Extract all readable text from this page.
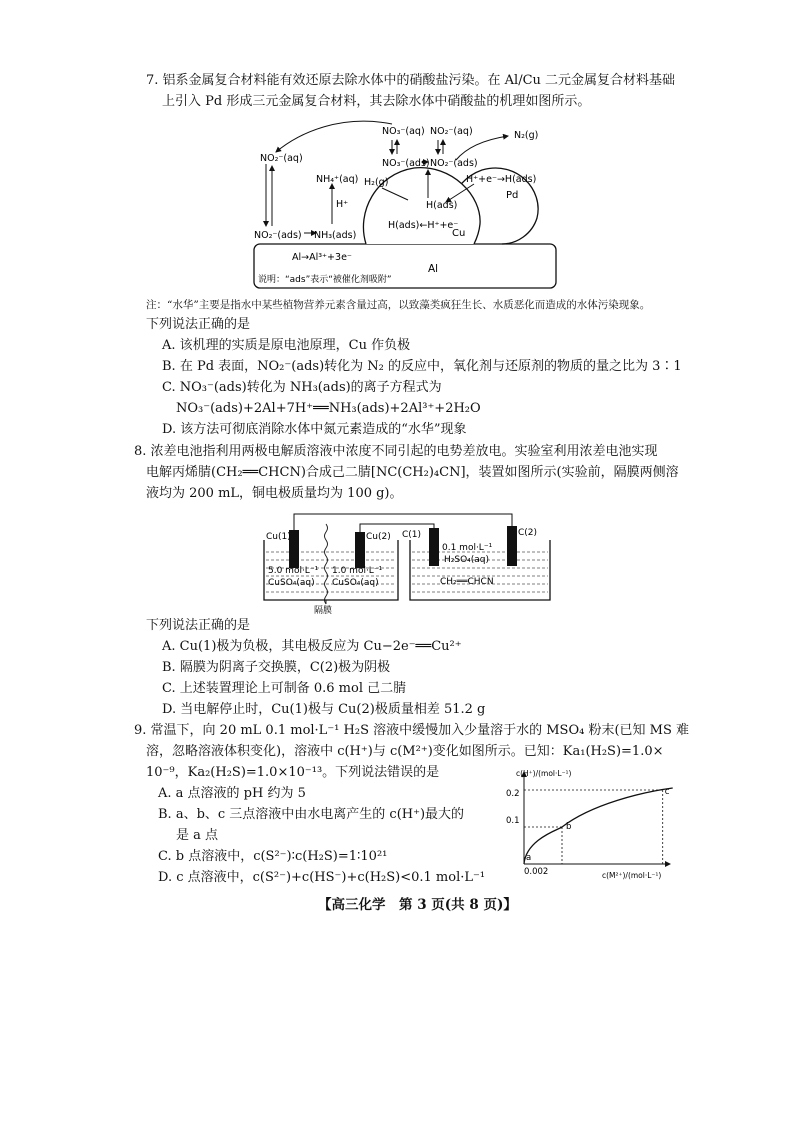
7. 铝系金属复合材料能有效还原去除水体中的硝酸盐污染。在 Al/Cu 二元金属复合材料基础
上引入 Pd 形成三元金属复合材料，其去除水体中硝酸盐的机理如图所示。
NO₂⁻(aq)
NO₃⁻(aq) NO₂⁻(aq)
NO₃⁻(ads) NO₂⁻(ads)
N₂(g)
NH₄⁺(aq) H₂(g)
H⁺
H⁺+e⁻→H(ads)
Pd
H(ads)
H(ads)←H⁺+e⁻
Cu
NO₂⁻(ads) NH₃(ads)
Al→Al³⁺+3e⁻
Al
说明：“ads”表示“被催化剂吸附”
注：“水华”主要是指水中某些植物营养元素含量过高，以致藻类疯狂生长、水质恶化而造成的水体污染现象。
下列说法正确的是
A. 该机理的实质是原电池原理，Cu 作负极
B. 在 Pd 表面，NO₂⁻(ads)转化为 N₂ 的反应中，氧化剂与还原剂的物质的量之比为 3∶1
C. NO₃⁻(ads)转化为 NH₃(ads)的离子方程式为
NO₃⁻(ads)+2Al+7H⁺══NH₃(ads)+2Al³⁺+2H₂O
D. 该方法可彻底消除水体中氮元素造成的“水华”现象
8. 浓差电池指利用两极电解质溶液中浓度不同引起的电势差放电。实验室利用浓差电池实现
电解丙烯腈(CH₂══CHCN)合成己二腈[NC(CH₂)₄CN]，装置如图所示(实验前，隔膜两侧溶
液均为 200 mL，铜电极质量均为 100 g)。
Cu(1)	Cu(2) C(1)	C(2)
5.0 mol·L⁻¹
CuSO₄(aq)
1.0 mol·L⁻¹
CuSO₄(aq)
0.1 mol·L⁻¹
H₂SO₄(aq)
CH₂══CHCN
隔膜
下列说法正确的是
A. Cu(1)极为负极，其电极反应为 Cu−2e⁻══Cu²⁺
B. 隔膜为阴离子交换膜，C(2)极为阴极
C. 上述装置理论上可制备 0.6 mol 己二腈
D. 当电解停止时，Cu(1)极与 Cu(2)极质量相差 51.2 g
9. 常温下，向 20 mL 0.1 mol·L⁻¹ H₂S 溶液中缓慢加入少量溶于水的 MSO₄ 粉末(已知 MS 难
溶，忽略溶液体积变化)，溶液中 c(H⁺)与 c(M²⁺)变化如图所示。已知：Ka₁(H₂S)=1.0×
10⁻⁹，Ka₂(H₂S)=1.0×10⁻¹³。下列说法错误的是
A. a 点溶液的 pH 约为 5
B. a、b、c 三点溶液中由水电离产生的 c(H⁺)最大的
是 a 点
C. b 点溶液中，c(S²⁻)∶c(H₂S)=1∶10²¹
D. c 点溶液中，c(S²⁻)+c(HS⁻)+c(H₂S)<0.1 mol·L⁻¹
a
b
c
c(H⁺)/(mol·L⁻¹)
c(M²⁺)/(mol·L⁻¹)
0.2
0.1
0.002
【高三化学　第 3 页(共 8 页)】
